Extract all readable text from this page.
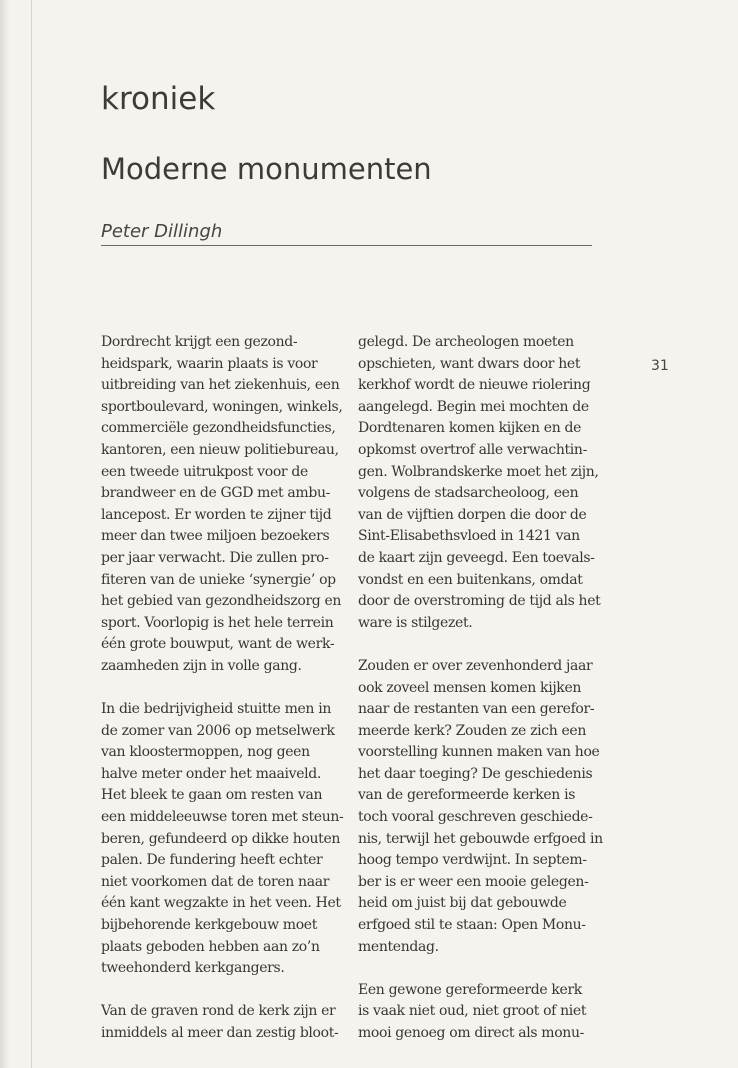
kroniek
Moderne monumenten
Peter Dillingh
Dordrecht krijgt een gezond-
heidspark, waarin plaats is voor
uitbreiding van het ziekenhuis, een
sportboulevard, woningen, winkels,
commerciële gezondheidsfuncties,
kantoren, een nieuw politiebureau,
een tweede uitrukpost voor de
brandweer en de GGD met ambu-
lancepost. Er worden te zijner tijd
meer dan twee miljoen bezoekers
per jaar verwacht. Die zullen pro-
fiteren van de unieke ‘synergie’ op
het gebied van gezondheidszorg en
sport. Voorlopig is het hele terrein
één grote bouwput, want de werk-
zaamheden zijn in volle gang.
In die bedrijvigheid stuitte men in
de zomer van 2006 op metselwerk
van kloostermoppen, nog geen
halve meter onder het maaiveld.
Het bleek te gaan om resten van
een middeleeuwse toren met steun-
beren, gefundeerd op dikke houten
palen. De fundering heeft echter
niet voorkomen dat de toren naar
één kant wegzakte in het veen. Het
bijbehorende kerkgebouw moet
plaats geboden hebben aan zo’n
tweehonderd kerkgangers.
Van de graven rond de kerk zijn er
inmiddels al meer dan zestig bloot-
gelegd. De archeologen moeten
opschieten, want dwars door het
kerkhof wordt de nieuwe riolering
aangelegd. Begin mei mochten de
Dordtenaren komen kijken en de
opkomst overtrof alle verwachtin-
gen. Wolbrandskerke moet het zijn,
volgens de stadsarcheoloog, een
van de vijftien dorpen die door de
Sint-Elisabethsvloed in 1421 van
de kaart zijn geveegd. Een toevals-
vondst en een buitenkans, omdat
door de overstroming de tijd als het
ware is stilgezet.
Zouden er over zevenhonderd jaar
ook zoveel mensen komen kijken
naar de restanten van een gerefor-
meerde kerk? Zouden ze zich een
voorstelling kunnen maken van hoe
het daar toeging? De geschiedenis
van de gereformeerde kerken is
toch vooral geschreven geschiede-
nis, terwijl het gebouwde erfgoed in
hoog tempo verdwijnt. In septem-
ber is er weer een mooie gelegen-
heid om juist bij dat gebouwde
erfgoed stil te staan: Open Monu-
mentendag.
Een gewone gereformeerde kerk
is vaak niet oud, niet groot of niet
mooi genoeg om direct als monu-
31
